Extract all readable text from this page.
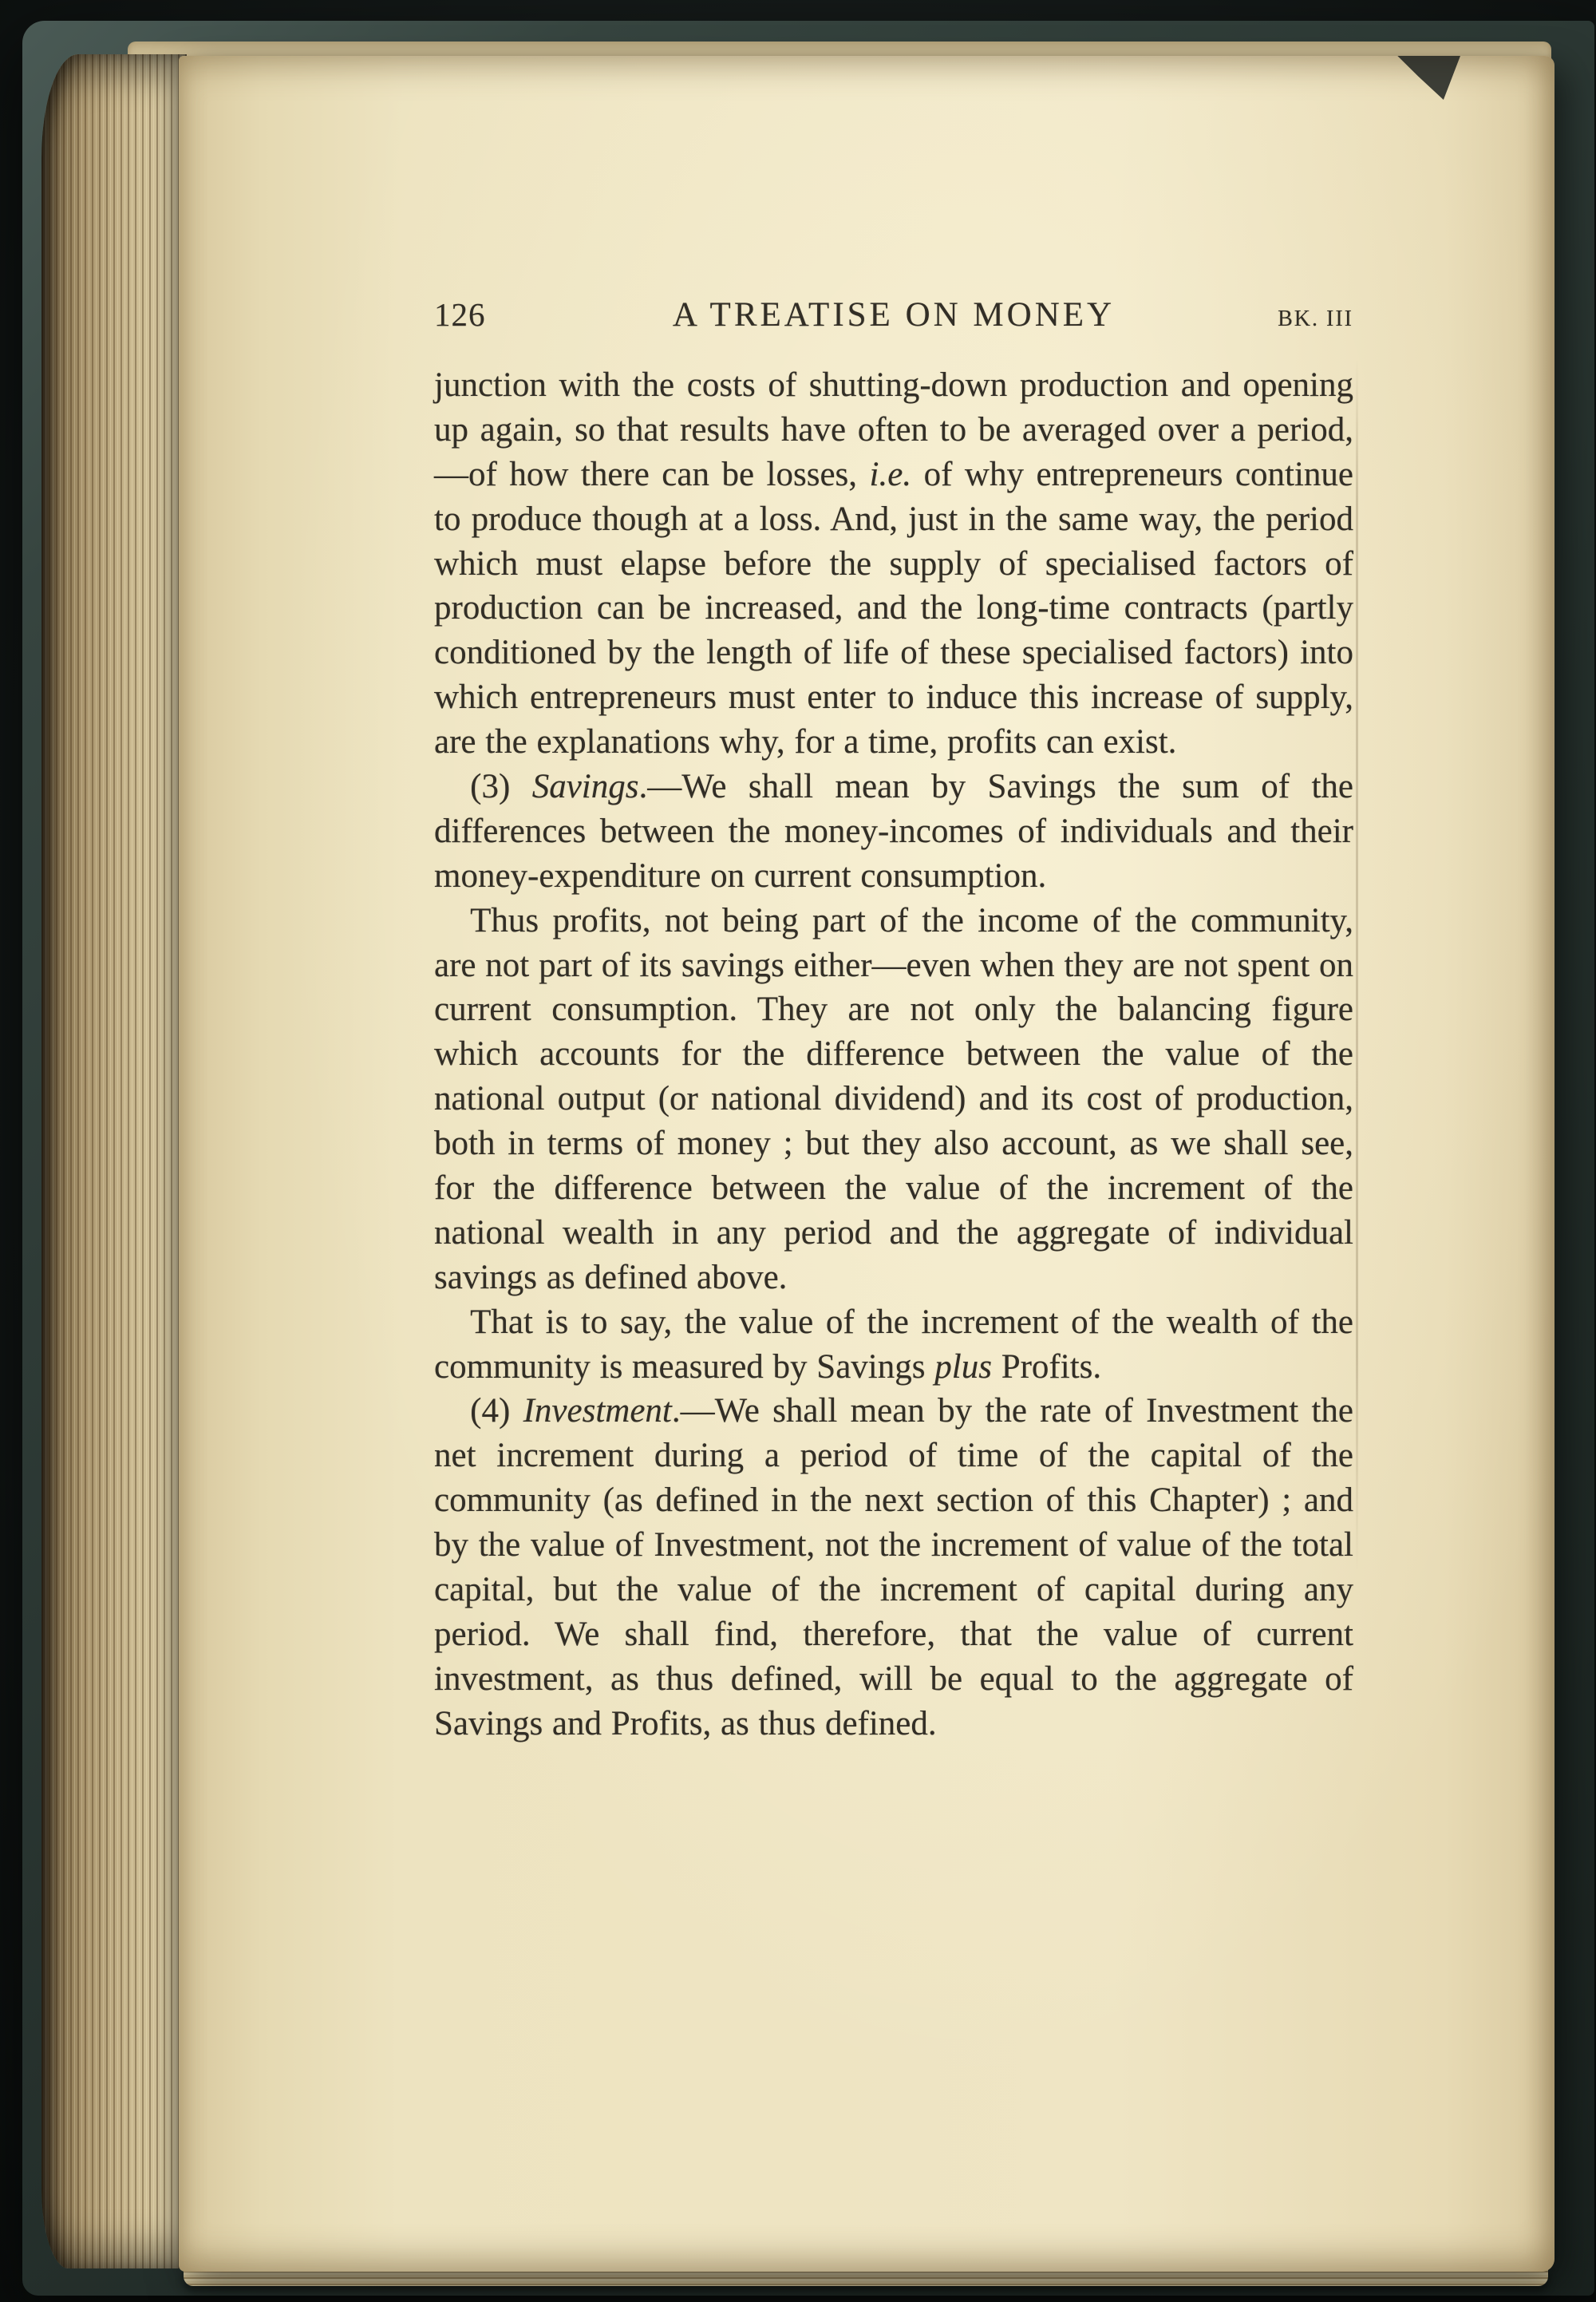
126	A TREATISE ON MONEY	BK. III

junction with the costs of shutting-down production and opening up again, so that results have often to be averaged over a period,—of how there can be losses, i.e. of why entrepreneurs continue to produce though at a loss. And, just in the same way, the period which must elapse before the supply of specialised factors of production can be increased, and the long-time contracts (partly conditioned by the length of life of these specialised factors) into which entrepreneurs must enter to induce this increase of supply, are the explanations why, for a time, profits can exist.

(3) Savings.—We shall mean by Savings the sum of the differences between the money-incomes of individuals and their money-expenditure on current consumption.

Thus profits, not being part of the income of the community, are not part of its savings either—even when they are not spent on current consumption. They are not only the balancing figure which accounts for the difference between the value of the national output (or national dividend) and its cost of production, both in terms of money ; but they also account, as we shall see, for the difference between the value of the increment of the national wealth in any period and the aggregate of individual savings as defined above.

That is to say, the value of the increment of the wealth of the community is measured by Savings plus Profits.

(4) Investment.—We shall mean by the rate of Investment the net increment during a period of time of the capital of the community (as defined in the next section of this Chapter) ; and by the value of Investment, not the increment of value of the total capital, but the value of the increment of capital during any period. We shall find, therefore, that the value of current investment, as thus defined, will be equal to the aggregate of Savings and Profits, as thus defined.
